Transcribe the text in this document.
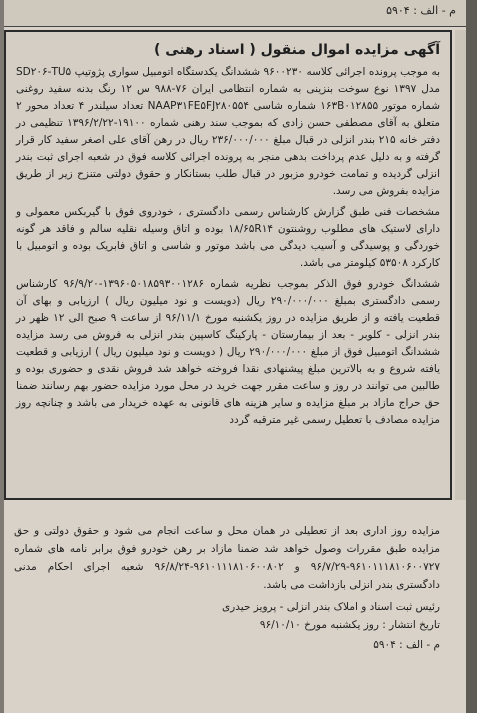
م - الف : ۵۹۰۴
آگهی مزایده اموال منقول ( اسناد رهنی )

به موجب پرونده اجرائی کلاسه ۹۶۰۰۲۳۰ ششدانگ یکدستگاه اتومبیل سواری پژوتیپ SD۲۰۶-TU۵ مدل ۱۳۹۷ نوع سوخت بنزینی به شماره انتظامی ایران ۷۶-۹۸۸ س ۱۲ رنگ بدنه سفید روغنی شماره موتور ۱۶۳B۰۱۲۸۵۵ شماره شاسی NAAP۳۱FE۵FJ۲۸۰۵۵۴ تعداد سیلندر ۴ تعداد محور ۲ متعلق به آقای مصطفی حسن زادی که بموجب سند رهنی شماره ۱۹۱۰۰-۱۳۹۶/۲/۲۲ تنظیمی در دفتر خانه ۲۱۵ بندر انزلی در قبال مبلغ ۲۳۶/۰۰۰/۰۰۰ ریال در رهن آقای علی اصغر سفید کار قرار گرفته و به دلیل عدم پرداخت بدهی منجر به پرونده اجرائی کلاسه فوق در شعبه اجرای ثبت بندر انزلی گردیده و تمامت خودرو مزبور در قبال طلب بستانکار و حقوق دولتی متنزح زیر از طریق مزایده بفروش می رسد.

مشخصات فنی طبق گزارش کارشناس رسمی دادگستری ، خودروی فوق با گیربکس معمولی و دارای لاستیک های مطلوب روشنتون ۱۸/۶۵R۱۴ بوده و اتاق وسیله نقلیه سالم و فاقد هر گونه خوردگی و پوسیدگی و آسیب دیدگی می باشد موتور و شاسی و اتاق فابریک بوده و اتومبیل با کارکرد ۵۳۵۰۸ کیلومتر می باشد.

ششدانگ خودرو فوق الذکر بموجب نظریه شماره ۱۳۹۶۰۵۰۱۸۵۹۳۰۰۱۲۸۶-۹۶/۹/۲۰ کارشناس رسمی دادگستری بمبلغ ۲۹۰/۰۰۰/۰۰۰ ریال (دویست و نود میلیون ریال ) ارزیابی و بهای آن قطعیت یافته و از طریق مزایده در روز یکشنبه مورخ ۹۶/۱۱/۱ از ساعت ۹ صبح الی ۱۲ ظهر در بندر انزلی - کلوبر - بعد از بیمارستان - پارکینگ کاسپین بندر انزلی به فروش می رسد مزایده ششدانگ اتومبیل فوق از مبلغ ۲۹۰/۰۰۰/۰۰۰ ریال ( دویست و نود میلیون ریال ) ارزیابی و قطعیت یافته شروع و به بالاترین مبلغ پیشنهادی نقدا فروخته خواهد شد فروش نقدی و حضوری بوده و طالبین می توانند در روز و ساعت مقرر جهت خرید در محل مورد مزایده حضور بهم رسانند ضمنا حق حراج مازاد بر مبلغ مزایده و سایر هزینه های قانونی به عهده خریدار می باشد و چنانچه روز مزایده مصادف با تعطیل رسمی غیر مترقبه گردد

مزایده روز اداری بعد از تعطیلی در همان محل و ساعت انجام می شود و حقوق دولتی و حق مزایده طبق مقررات وصول خواهد شد ضمنا مازاد بر رهن خودرو فوق برابر نامه های شماره ۹۶۱۰۱۱۱۸۱۰۶۰۰۷۲۷-۹۶/۷/۲۹ و ۹۶۱۰۱۱۱۸۱۰۶۰۰۸۰۲-۹۶/۸/۲۴ شعبه اجرای احکام مدنی دادگستری بندر انزلی بازداشت می باشد.

رئیس ثبت اسناد و املاک بندر انزلی - پرویز حیدری

تاریخ انتشار : روز یکشنبه مورخ ۹۶/۱۰/۱۰

م - الف : ۵۹۰۴
